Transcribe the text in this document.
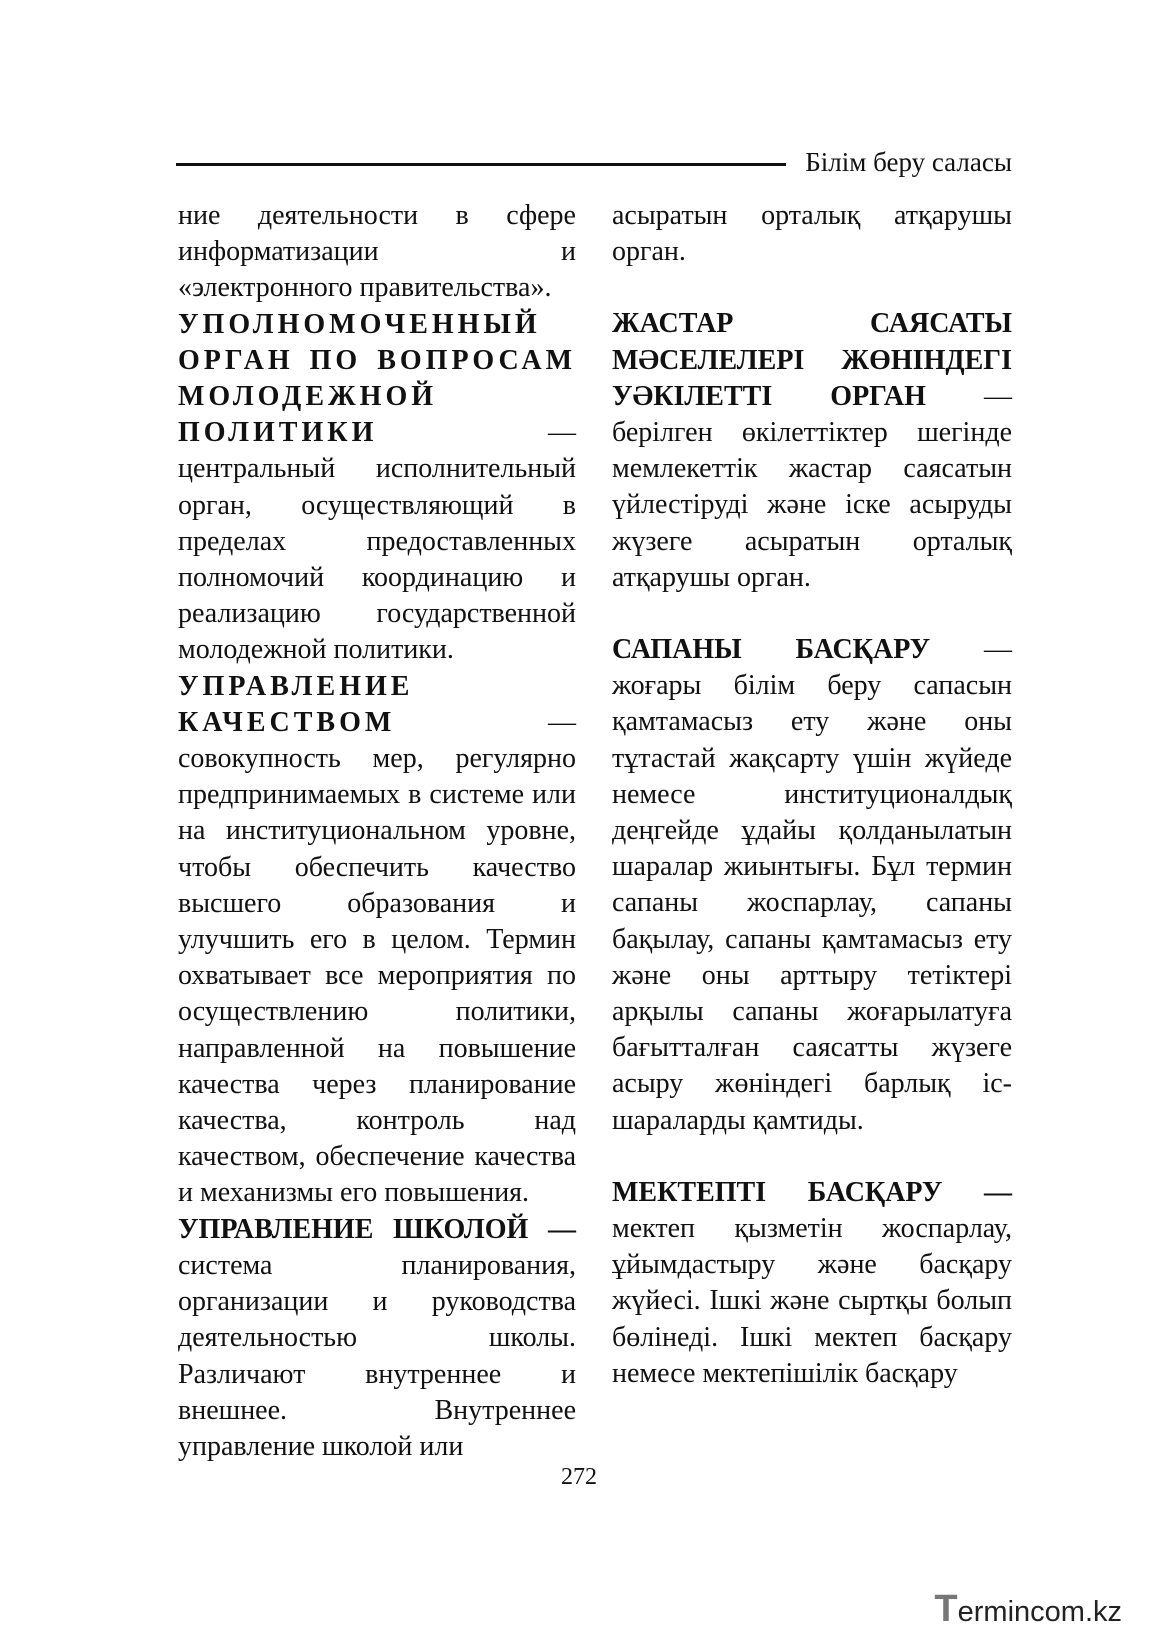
Білім беру саласы

ние деятельности в сфере информатизации и «электронного правительства».

УПОЛНОМОЧЕННЫЙ ОРГАН ПО ВОПРОСАМ МОЛОДЕЖНОЙ ПОЛИТИКИ — центральный исполнительный орган, осуществляющий в пределах предоставленных полномочий координацию и реализацию государственной молодежной политики.

УПРАВЛЕНИЕ КАЧЕСТВОМ — совокупность мер, регулярно предпринимаемых в системе или на институциональном уровне, чтобы обеспечить качество высшего образования и улучшить его в целом. Термин охватывает все мероприятия по осуществлению политики, направленной на повышение качества через планирование качества, контроль над качеством, обеспечение качества и механизмы его повышения.

УПРАВЛЕНИЕ ШКОЛОЙ — система планирования, организации и руководства деятельностью школы. Различают внутреннее и внешнее. Внутреннее управление школой или

асыратын орталық атқарушы орган.

ЖАСТАР САЯСАТЫ МӘСЕЛЕЛЕРІ ЖӨНІНДЕГІ УӘКІЛЕТТІ ОРГАН — берілген өкілеттіктер шегінде мемлекеттік жастар саясатын үйлестіруді және іске асыруды жүзеге асыратын орталық атқарушы орган.

САПАНЫ БАСҚАРУ — жоғары білім беру сапасын қамтамасыз ету және оны тұтастай жақсарту үшін жүйеде немесе институционалдық деңгейде ұдайы қолданылатын шаралар жиынтығы. Бұл термин сапаны жоспарлау, сапаны бақылау, сапаны қамтамасыз ету және оны арттыру тетіктері арқылы сапаны жоғарылатуға бағытталған саясатты жүзеге асыру жөніндегі барлық іс-шараларды қамтиды.

МЕКТЕПТІ БАСҚАРУ — мектеп қызметін жоспарлау, ұйымдастыру және басқару жүйесі. Ішкі және сыртқы болып бөлінеді. Ішкі мектеп басқару немесе мектепішілік басқару

272
Termincom.kz
